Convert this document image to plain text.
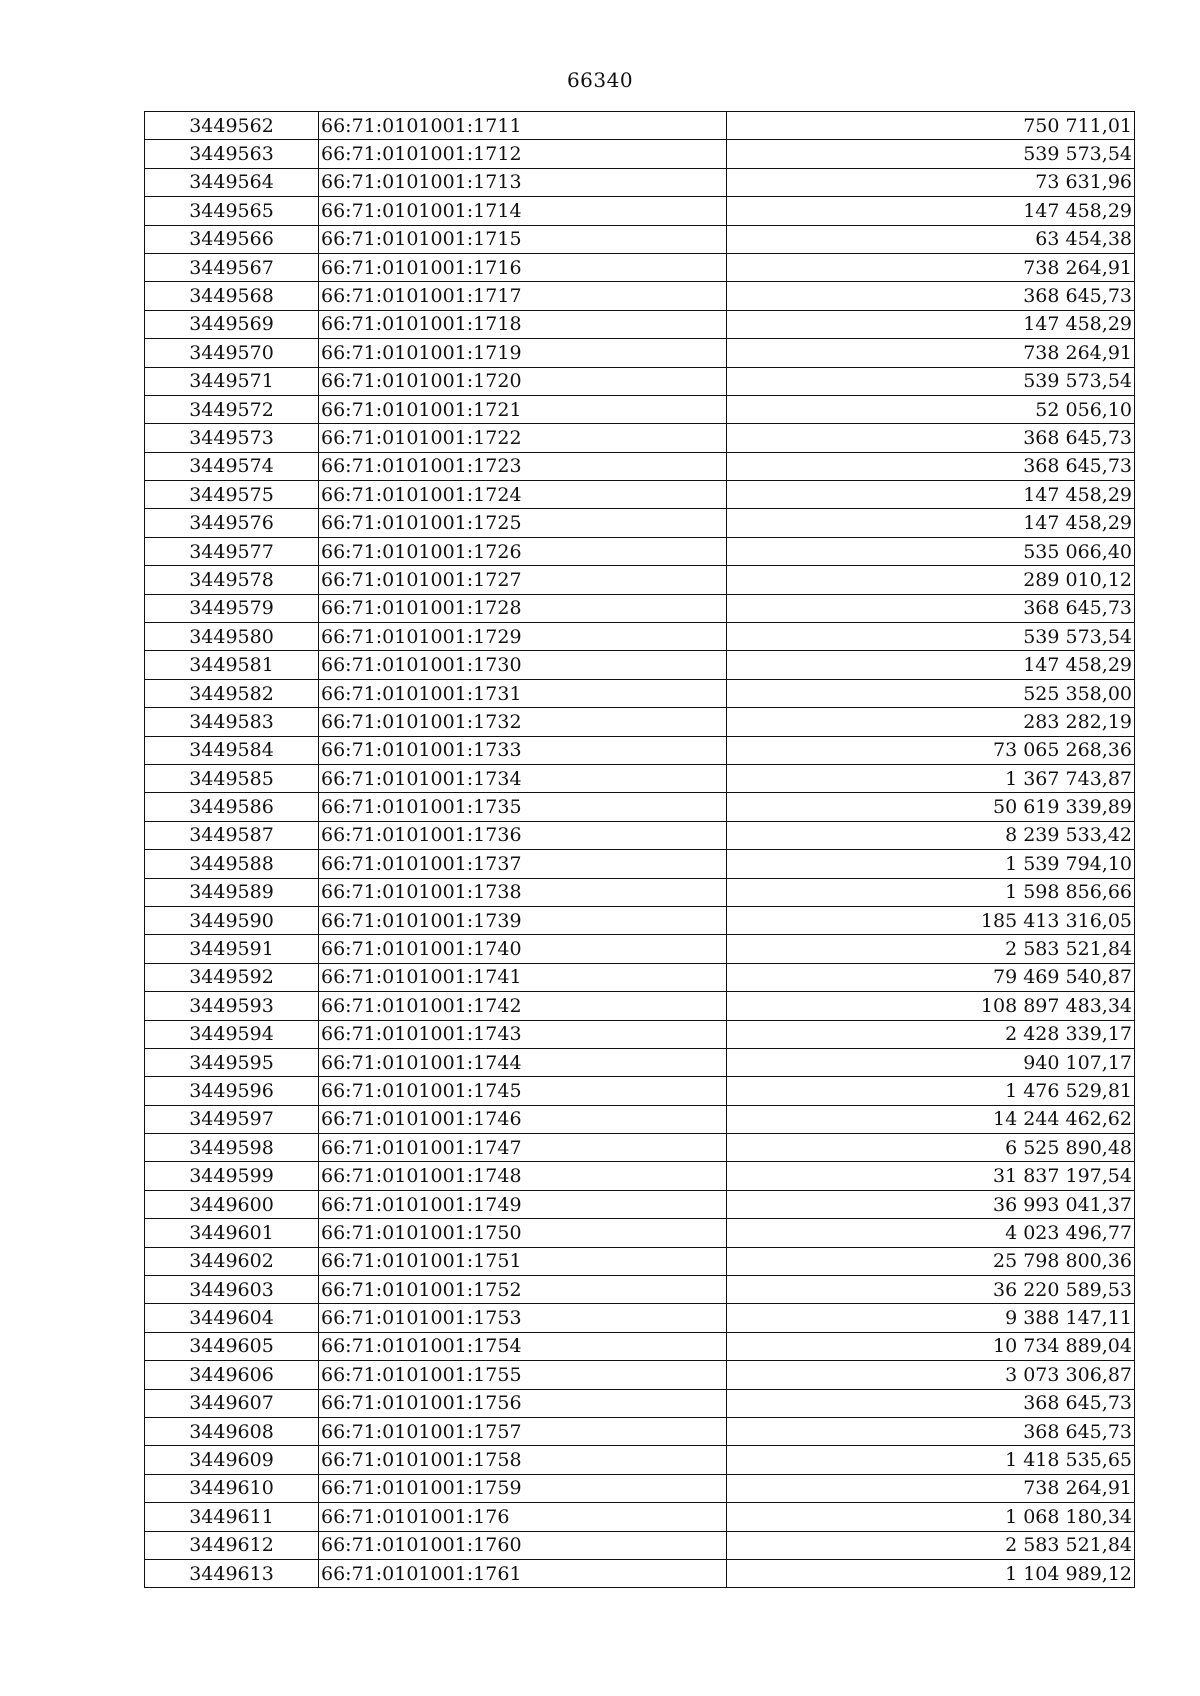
66340
3449562	66:71:0101001:1711	750 711,01
3449563	66:71:0101001:1712	539 573,54
3449564	66:71:0101001:1713	73 631,96
3449565	66:71:0101001:1714	147 458,29
3449566	66:71:0101001:1715	63 454,38
3449567	66:71:0101001:1716	738 264,91
3449568	66:71:0101001:1717	368 645,73
3449569	66:71:0101001:1718	147 458,29
3449570	66:71:0101001:1719	738 264,91
3449571	66:71:0101001:1720	539 573,54
3449572	66:71:0101001:1721	52 056,10
3449573	66:71:0101001:1722	368 645,73
3449574	66:71:0101001:1723	368 645,73
3449575	66:71:0101001:1724	147 458,29
3449576	66:71:0101001:1725	147 458,29
3449577	66:71:0101001:1726	535 066,40
3449578	66:71:0101001:1727	289 010,12
3449579	66:71:0101001:1728	368 645,73
3449580	66:71:0101001:1729	539 573,54
3449581	66:71:0101001:1730	147 458,29
3449582	66:71:0101001:1731	525 358,00
3449583	66:71:0101001:1732	283 282,19
3449584	66:71:0101001:1733	73 065 268,36
3449585	66:71:0101001:1734	1 367 743,87
3449586	66:71:0101001:1735	50 619 339,89
3449587	66:71:0101001:1736	8 239 533,42
3449588	66:71:0101001:1737	1 539 794,10
3449589	66:71:0101001:1738	1 598 856,66
3449590	66:71:0101001:1739	185 413 316,05
3449591	66:71:0101001:1740	2 583 521,84
3449592	66:71:0101001:1741	79 469 540,87
3449593	66:71:0101001:1742	108 897 483,34
3449594	66:71:0101001:1743	2 428 339,17
3449595	66:71:0101001:1744	940 107,17
3449596	66:71:0101001:1745	1 476 529,81
3449597	66:71:0101001:1746	14 244 462,62
3449598	66:71:0101001:1747	6 525 890,48
3449599	66:71:0101001:1748	31 837 197,54
3449600	66:71:0101001:1749	36 993 041,37
3449601	66:71:0101001:1750	4 023 496,77
3449602	66:71:0101001:1751	25 798 800,36
3449603	66:71:0101001:1752	36 220 589,53
3449604	66:71:0101001:1753	9 388 147,11
3449605	66:71:0101001:1754	10 734 889,04
3449606	66:71:0101001:1755	3 073 306,87
3449607	66:71:0101001:1756	368 645,73
3449608	66:71:0101001:1757	368 645,73
3449609	66:71:0101001:1758	1 418 535,65
3449610	66:71:0101001:1759	738 264,91
3449611	66:71:0101001:176	1 068 180,34
3449612	66:71:0101001:1760	2 583 521,84
3449613	66:71:0101001:1761	1 104 989,12
